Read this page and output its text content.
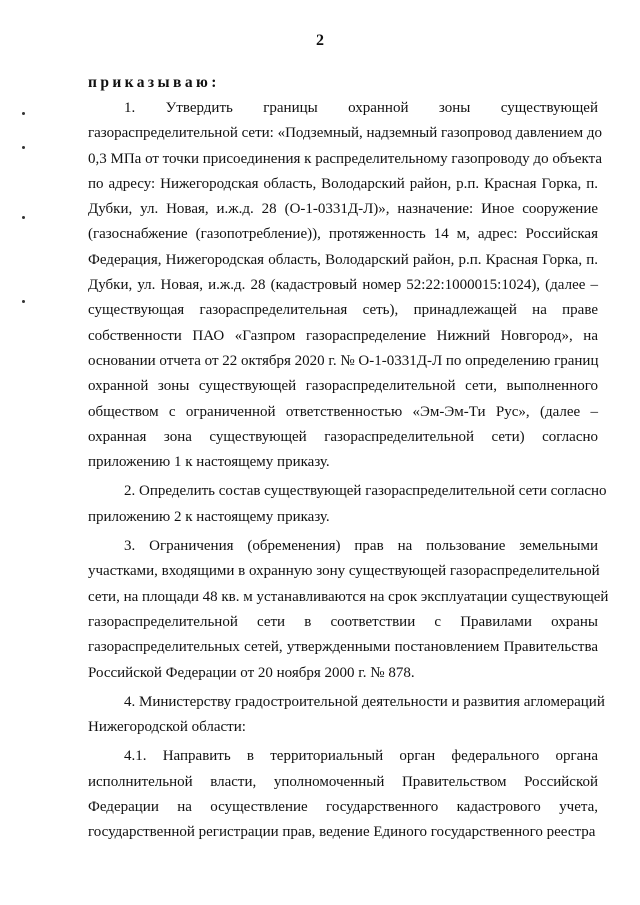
2
приказываю:
1. Утвердить границы охранной зоны существующей
газораспределительной сети: «Подземный, надземный газопровод давлением до
0,3 МПа от точки присоединения к распределительному газопроводу до объекта
по адресу: Нижегородская область, Володарский район, р.п. Красная Горка, п.
Дубки, ул. Новая, и.ж.д. 28 (О-1-0331Д-Л)», назначение: Иное сооружение
(газоснабжение (газопотребление)), протяженность 14 м, адрес: Российская
Федерация, Нижегородская область, Володарский район, р.п. Красная Горка, п.
Дубки, ул. Новая, и.ж.д. 28 (кадастровый номер 52:22:1000015:1024), (далее –
существующая газораспределительная сеть), принадлежащей на праве
собственности ПАО «Газпром газораспределение Нижний Новгород», на
основании отчета от 22 октября 2020 г. № О-1-0331Д-Л по определению границ
охранной зоны существующей газораспределительной сети, выполненного
обществом с ограниченной ответственностью «Эм-Эм-Ти Рус», (далее –
охранная зона существующей газораспределительной сети) согласно
приложению 1 к настоящему приказу.
2. Определить состав существующей газораспределительной сети согласно
приложению 2 к настоящему приказу.
3. Ограничения (обременения) прав на пользование земельными
участками, входящими в охранную зону существующей газораспределительной
сети, на площади 48 кв. м устанавливаются на срок эксплуатации существующей
газораспределительной сети в соответствии с Правилами охраны
газораспределительных сетей, утвержденными постановлением Правительства
Российской Федерации от 20 ноября 2000 г. № 878.
4. Министерству градостроительной деятельности и развития агломераций
Нижегородской области:
4.1. Направить в территориальный орган федерального органа
исполнительной власти, уполномоченный Правительством Российской
Федерации на осуществление государственного кадастрового учета,
государственной регистрации прав, ведение Единого государственного реестра
